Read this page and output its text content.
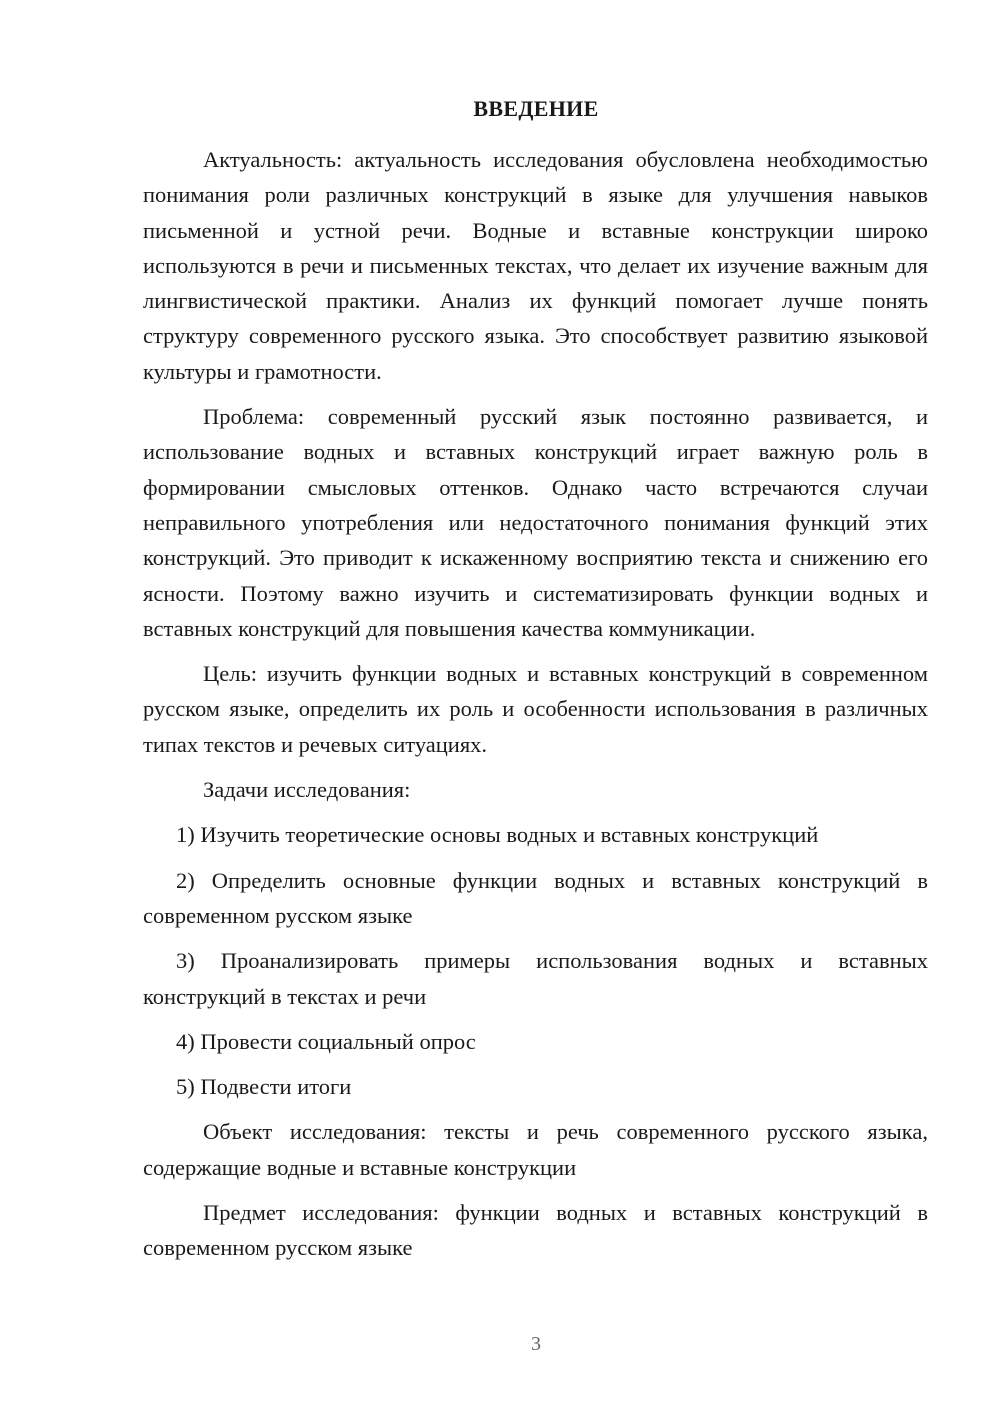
ВВЕДЕНИЕ

Актуальность: актуальность исследования обусловлена необходимостью понимания роли различных конструкций в языке для улучшения навыков письменной и устной речи. Водные и вставные конструкции широко используются в речи и письменных текстах, что делает их изучение важным для лингвистической практики. Анализ их функций помогает лучше понять структуру современного русского языка. Это способствует развитию языковой культуры и грамотности.

Проблема: современный русский язык постоянно развивается, и использование водных и вставных конструкций играет важную роль в формировании смысловых оттенков. Однако часто встречаются случаи неправильного употребления или недостаточного понимания функций этих конструкций. Это приводит к искаженному восприятию текста и снижению его ясности. Поэтому важно изучить и систематизировать функции водных и вставных конструкций для повышения качества коммуникации.

Цель: изучить функции водных и вставных конструкций в современном русском языке, определить их роль и особенности использования в различных типах текстов и речевых ситуациях.

Задачи исследования:

1) Изучить теоретические основы водных и вставных конструкций

2) Определить основные функции водных и вставных конструкций в современном русском языке

3) Проанализировать примеры использования водных и вставных конструкций в текстах и речи

4) Провести социальный опрос

5) Подвести итоги

Объект исследования: тексты и речь современного русского языка, содержащие водные и вставные конструкции

Предмет исследования: функции водных и вставных конструкций в современном русском языке

3
